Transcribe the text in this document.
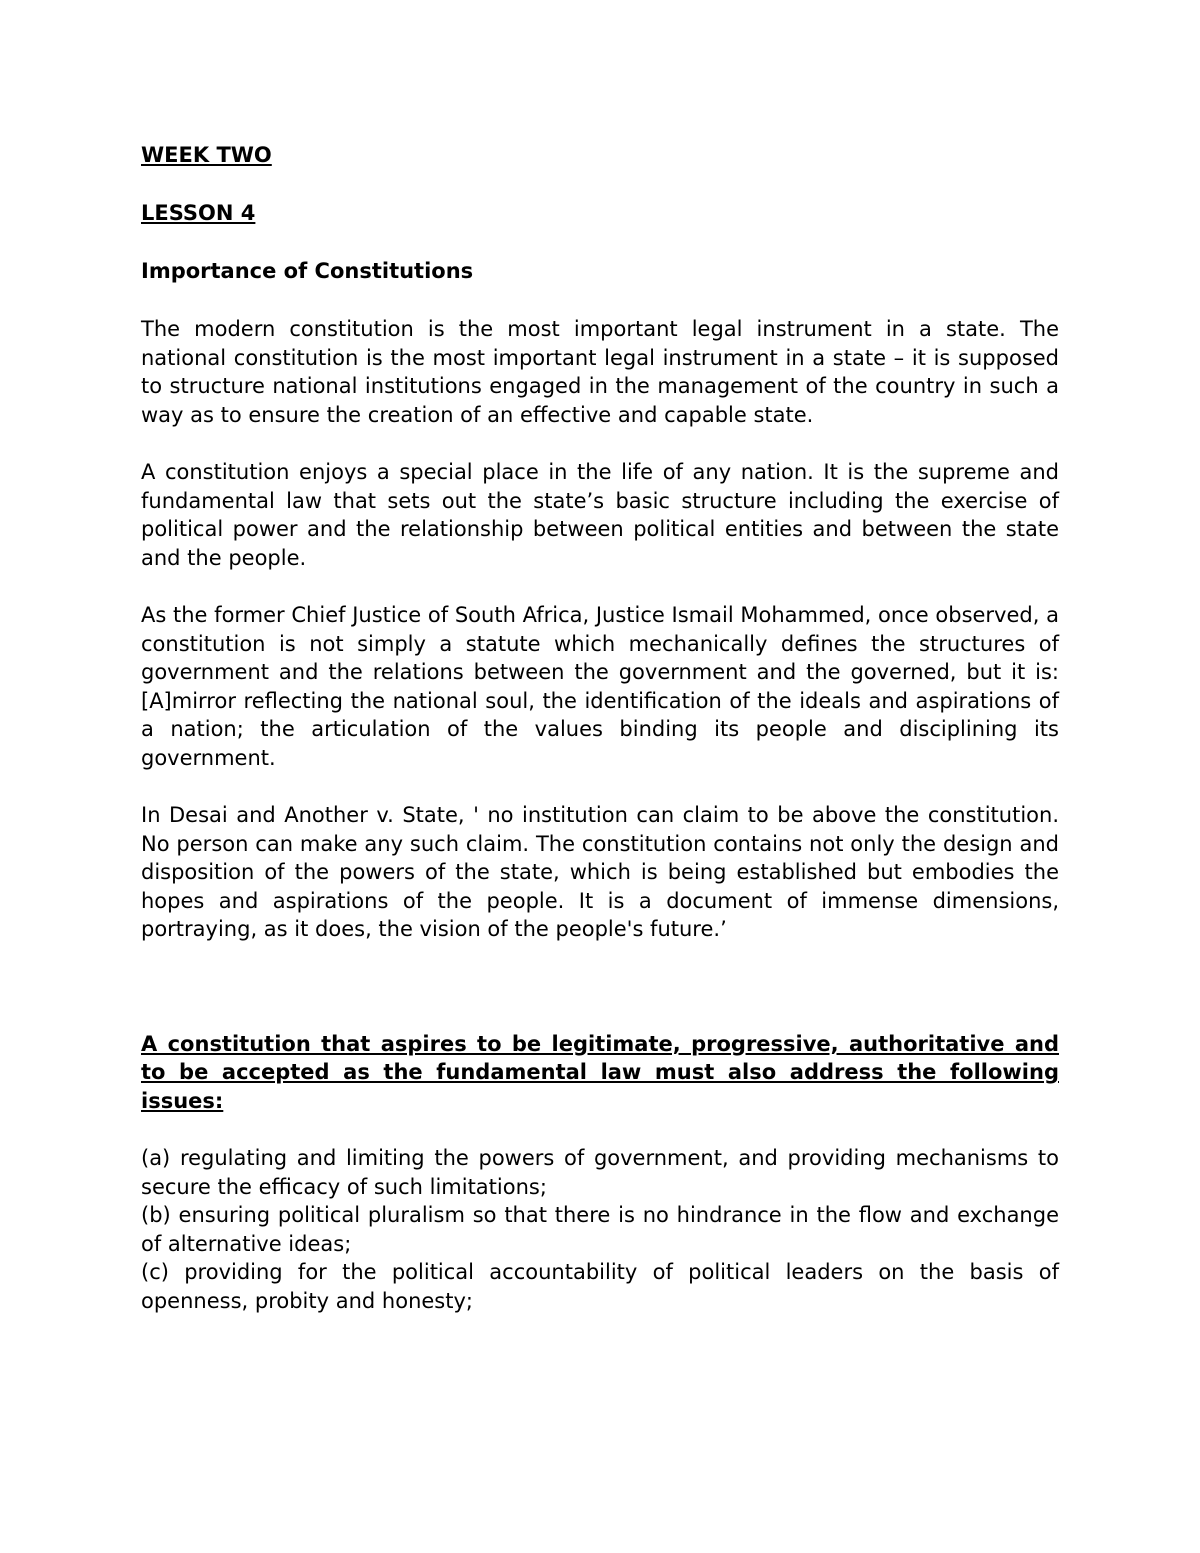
WEEK TWO
LESSON 4
Importance of Constitutions

The modern constitution is the most important legal instrument in a state. The national constitution is the most important legal instrument in a state – it is supposed to structure national institutions engaged in the management of the country in such a way as to ensure the creation of an effective and capable state.

A constitution enjoys a special place in the life of any nation. It is the supreme and fundamental law that sets out the state’s basic structure including the exercise of political power and the relationship between political entities and between the state and the people.

As the former Chief Justice of South Africa, Justice Ismail Mohammed, once observed, a constitution is not simply a statute which mechanically defines the structures of government and the relations between the government and the governed, but it is: [A]mirror reflecting the national soul, the identification of the ideals and aspirations of a nation; the articulation of the values binding its people and disciplining its government.

In Desai and Another v. State, ' no institution can claim to be above the constitution. No person can make any such claim. The constitution contains not only the design and disposition of the powers of the state, which is being established but embodies the hopes and aspirations of the people. It is a document of immense dimensions, portraying, as it does, the vision of the people's future.’

A constitution that aspires to be legitimate, progressive, authoritative and to be accepted as the fundamental law must also address the following issues:
(a) regulating and limiting the powers of government, and providing mechanisms to secure the efficacy of such limitations;
(b) ensuring political pluralism so that there is no hindrance in the flow and exchange of alternative ideas;
(c) providing for the political accountability of political leaders on the basis of openness, probity and honesty;
